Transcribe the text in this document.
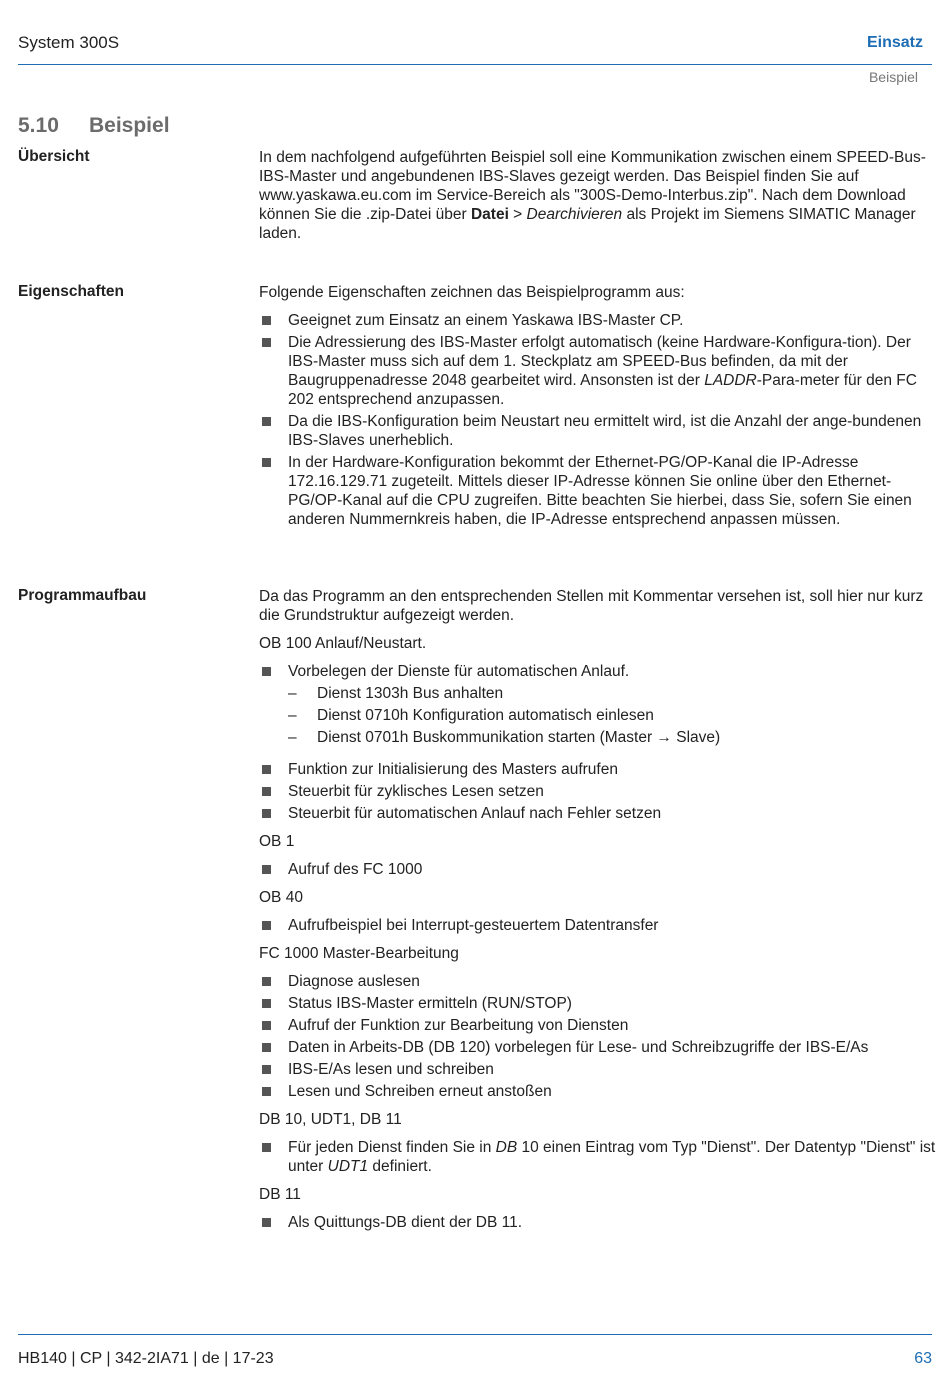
System 300S	Einsatz
Beispiel
5.10 Beispiel
Übersicht	In dem nachfolgend aufgeführten Beispiel soll eine Kommunikation zwischen einem SPEED-Bus-IBS-Master und angebundenen IBS-Slaves gezeigt werden. Das Beispiel finden Sie auf www.yaskawa.eu.com im Service-Bereich als "300S-Demo-Interbus.zip". Nach dem Download können Sie die .zip-Datei über Datei > Dearchivieren als Projekt im Siemens SIMATIC Manager laden.

Eigenschaften	Folgende Eigenschaften zeichnen das Beispielprogramm aus:

Geeignet zum Einsatz an einem Yaskawa IBS-Master CP.
Die Adressierung des IBS-Master erfolgt automatisch (keine Hardware-Konfigura-tion). Der IBS-Master muss sich auf dem 1. Steckplatz am SPEED-Bus befinden, da mit der Baugruppenadresse 2048 gearbeitet wird. Ansonsten ist der LADDR-Para-meter für den FC 202 entsprechend anzupassen.
Da die IBS-Konfiguration beim Neustart neu ermittelt wird, ist die Anzahl der ange-bundenen IBS-Slaves unerheblich.
In der Hardware-Konfiguration bekommt der Ethernet-PG/OP-Kanal die IP-Adresse 172.16.129.71 zugeteilt. Mittels dieser IP-Adresse können Sie online über den Ethernet-PG/OP-Kanal auf die CPU zugreifen. Bitte beachten Sie hierbei, dass Sie, sofern Sie einen anderen Nummernkreis haben, die IP-Adresse entsprechend anpassen müssen.
Programmaufbau	Da das Programm an den entsprechenden Stellen mit Kommentar versehen ist, soll hier nur kurz die Grundstruktur aufgezeigt werden.

OB 100 Anlauf/Neustart.

Vorbelegen der Dienste für automatischen Anlauf.
– Dienst 1303h Bus anhalten
– Dienst 0710h Konfiguration automatisch einlesen
– Dienst 0701h Buskommunikation starten (Master → Slave)
Funktion zur Initialisierung des Masters aufrufen
Steuerbit für zyklisches Lesen setzen
Steuerbit für automatischen Anlauf nach Fehler setzen

OB 1

Aufruf des FC 1000

OB 40

Aufrufbeispiel bei Interrupt-gesteuertem Datentransfer

FC 1000 Master-Bearbeitung

Diagnose auslesen
Status IBS-Master ermitteln (RUN/STOP)
Aufruf der Funktion zur Bearbeitung von Diensten
Daten in Arbeits-DB (DB 120) vorbelegen für Lese- und Schreibzugriffe der IBS-E/As
IBS-E/As lesen und schreiben
Lesen und Schreiben erneut anstoßen

DB 10, UDT1, DB 11

Für jeden Dienst finden Sie in DB 10 einen Eintrag vom Typ "Dienst". Der Datentyp "Dienst" ist unter UDT1 definiert.

DB 11

Als Quittungs-DB dient der DB 11.
HB140 | CP | 342-2IA71 | de | 17-23	63
